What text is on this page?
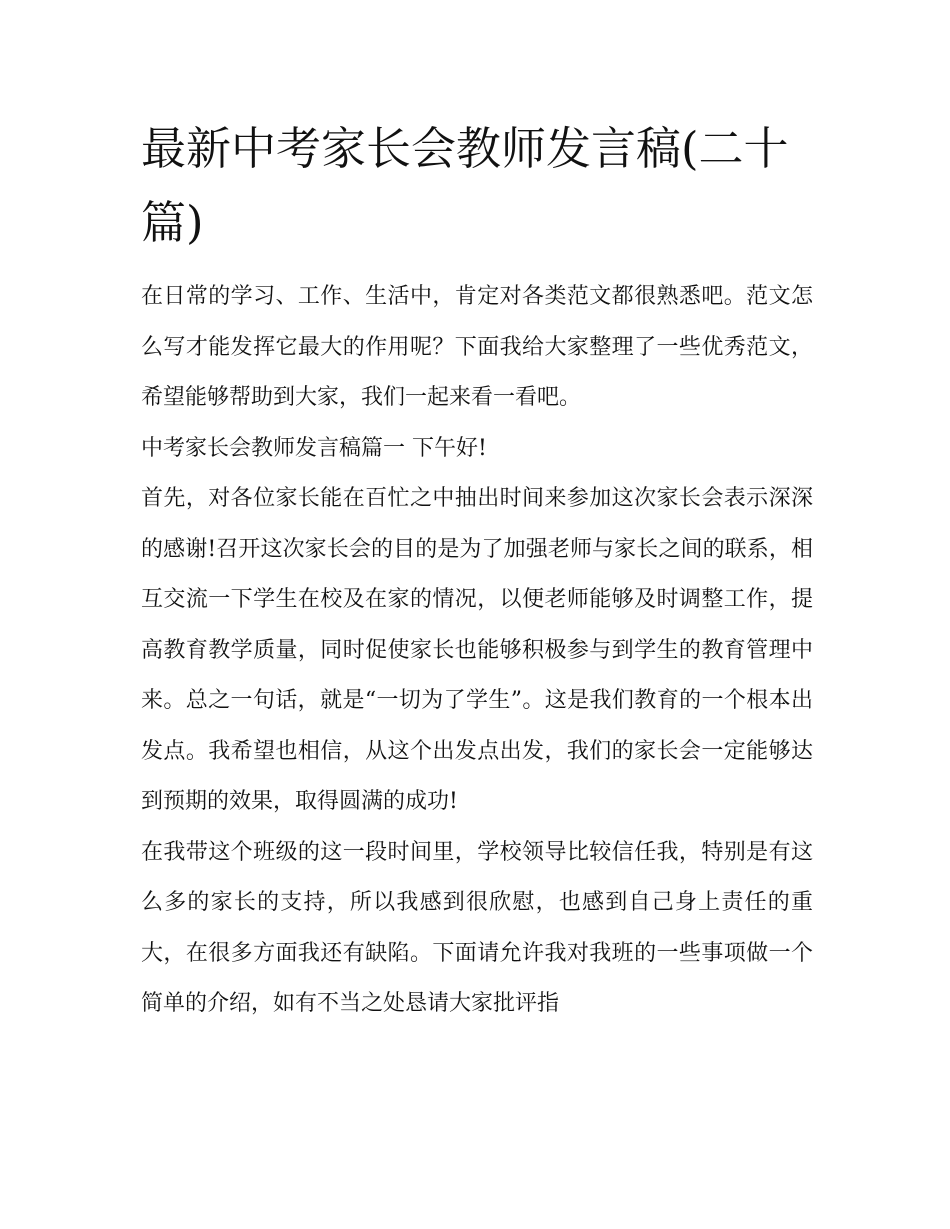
最新中考家长会教师发言稿(二十篇)

在日常的学习、工作、生活中，肯定对各类范文都很熟悉吧。范文怎么写才能发挥它最大的作用呢？下面我给大家整理了一些优秀范文，希望能够帮助到大家，我们一起来看一看吧。

中考家长会教师发言稿篇一 下午好!

首先，对各位家长能在百忙之中抽出时间来参加这次家长会表示深深的感谢!召开这次家长会的目的是为了加强老师与家长之间的联系，相互交流一下学生在校及在家的情况，以便老师能够及时调整工作，提高教育教学质量，同时促使家长也能够积极参与到学生的教育管理中来。总之一句话，就是“一切为了学生”。这是我们教育的一个根本出发点。我希望也相信，从这个出发点出发，我们的家长会一定能够达到预期的效果，取得圆满的成功!

在我带这个班级的这一段时间里，学校领导比较信任我，特别是有这么多的家长的支持，所以我感到很欣慰，也感到自己身上责任的重大，在很多方面我还有缺陷。下面请允许我对我班的一些事项做一个简单的介绍，如有不当之处恳请大家批评指
